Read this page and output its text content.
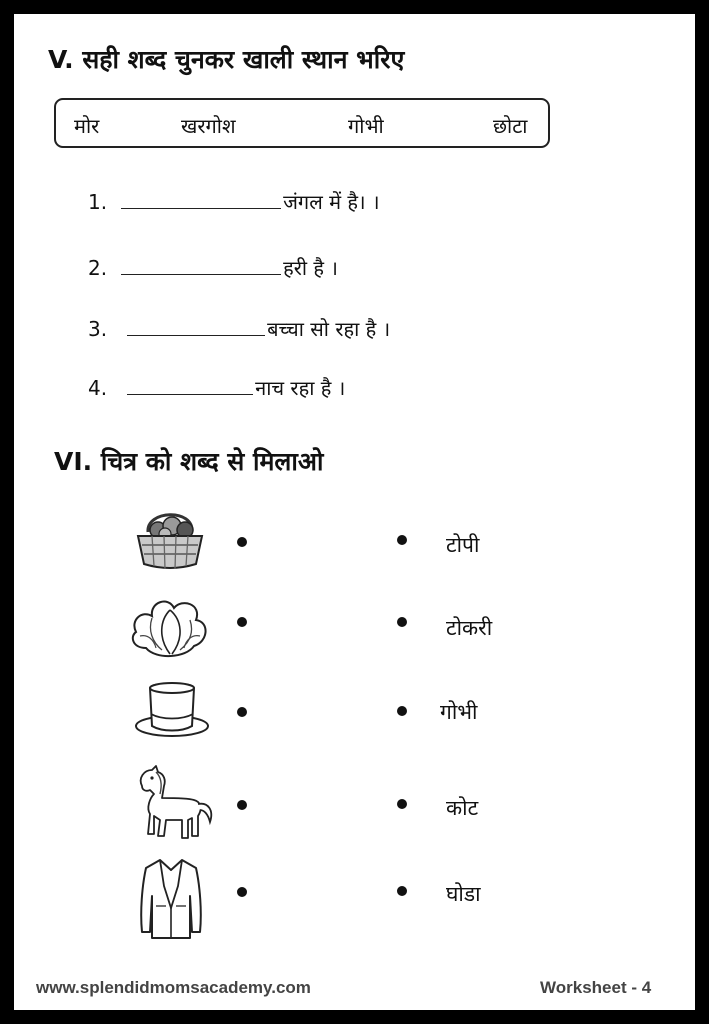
V. सही शब्द चुनकर खाली स्थान भरिए
मोर	खरगोश	गोभी	छोटा
1.	जंगल में है। ।
2.	हरी है ।
3.	बच्चा सो रहा है ।
4.	नाच रहा है ।
VI. चित्र को शब्द से मिलाओ
टोपी
टोकरी
गोभी
कोट
घोडा
www.splendidmomsacademy.com	Worksheet - 4
